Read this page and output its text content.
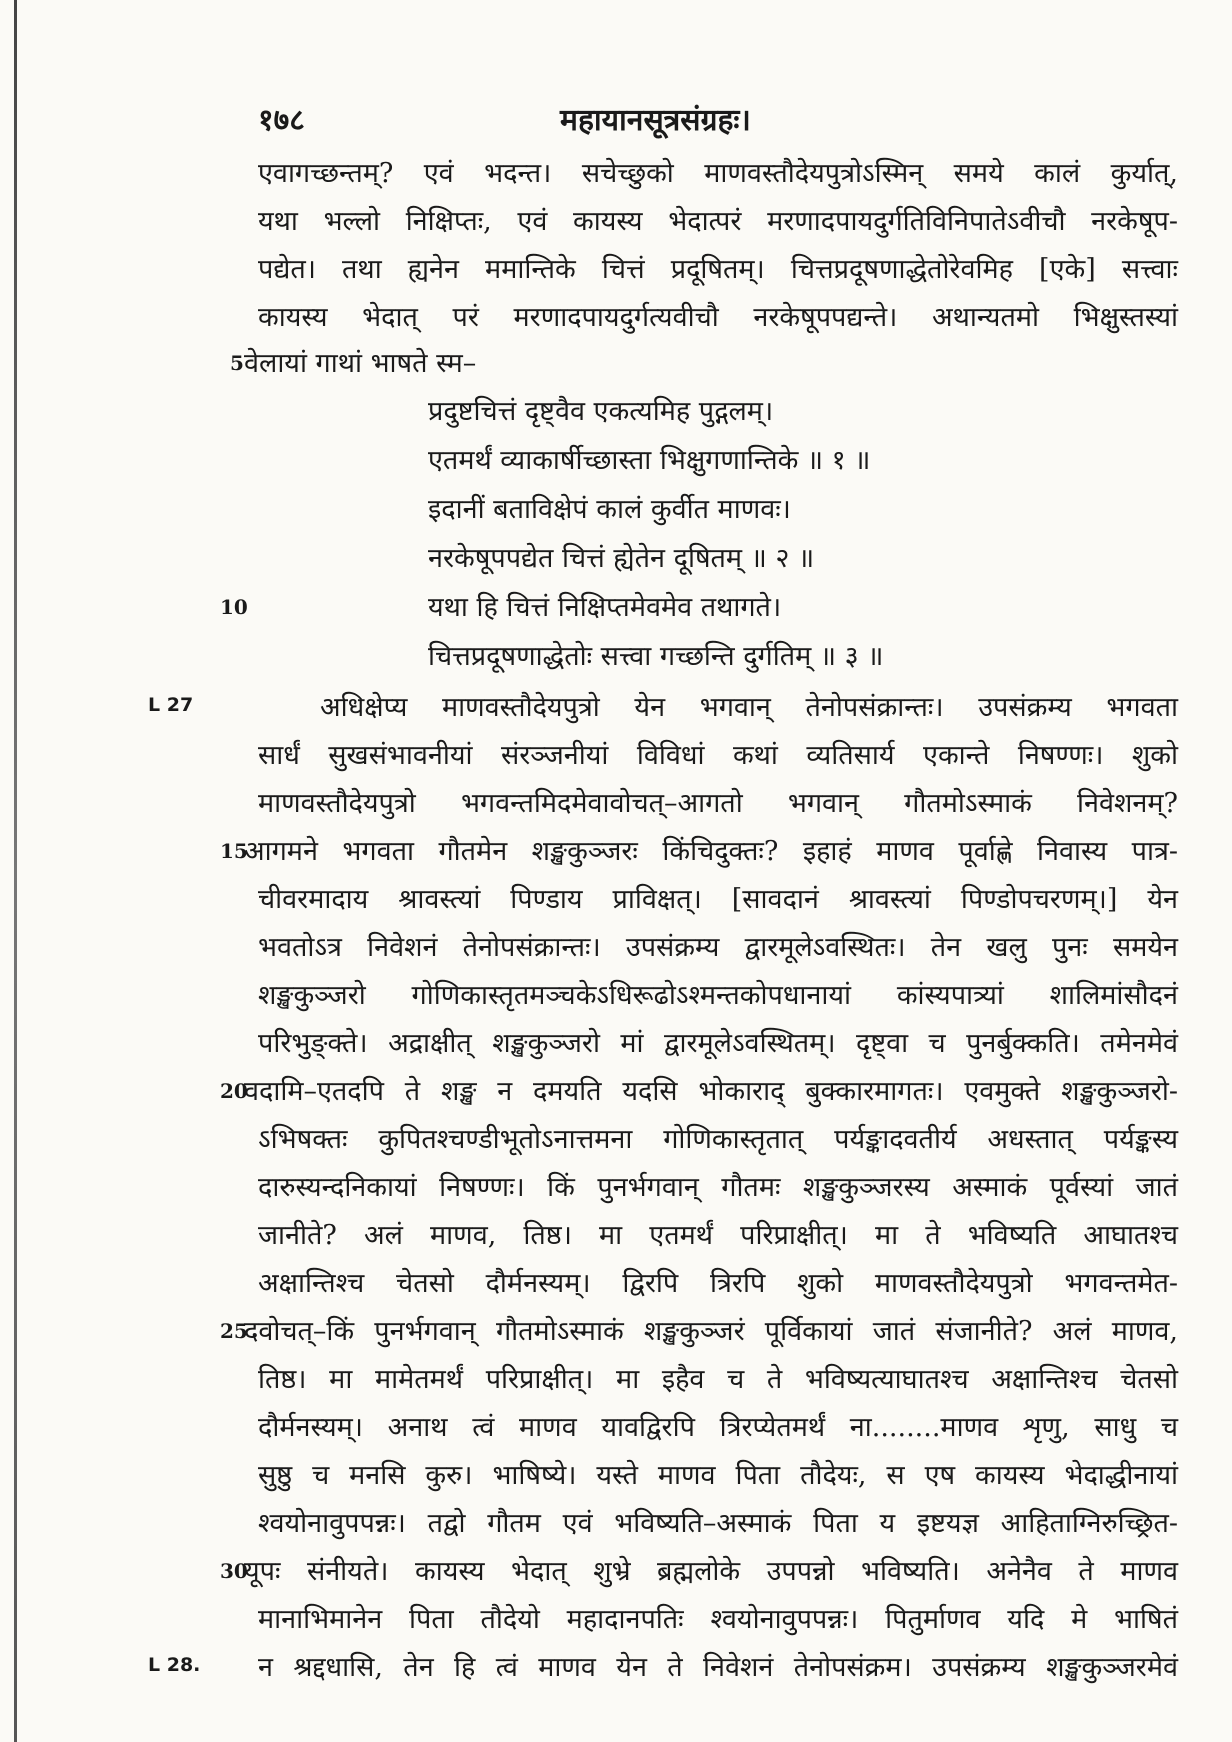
१७८	महायानसूत्रसंग्रहः।
एवागच्छन्तम्? एवं भदन्त। सचेच्छुको माणवस्तौदेयपुत्रोऽस्मिन् समये कालं कुर्यात्,
यथा भल्लो निक्षिप्तः, एवं कायस्य भेदात्परं मरणादपायदुर्गतिविनिपातेऽवीचौ नरकेषूप-
पद्येत। तथा ह्यनेन ममान्तिके चित्तं प्रदूषितम्। चित्तप्रदूषणाद्धेतोरेवमिह [एके] सत्त्वाः
कायस्य भेदात् परं मरणादपायदुर्गत्यवीचौ नरकेषूपपद्यन्ते। अथान्यतमो भिक्षुस्तस्यां
5 वेलायां गाथां भाषते स्म–
प्रदुष्टचित्तं दृष्ट्वैव एकत्यमिह पुद्गलम्।
एतमर्थं व्याकार्षीच्छास्ता भिक्षुगणान्तिके ॥ १ ॥
इदानीं बताविक्षेपं कालं कुर्वीत माणवः।
नरकेषूपपद्येत चित्तं ह्येतेन दूषितम् ॥ २ ॥
10	यथा हि चित्तं निक्षिप्तमेवमेव तथागते।
चित्तप्रदूषणाद्धेतोः सत्त्वा गच्छन्ति दुर्गतिम् ॥ ३ ॥
L 27	अधिक्षेप्य माणवस्तौदेयपुत्रो येन भगवान् तेनोपसंक्रान्तः। उपसंक्रम्य भगवता
सार्धं सुखसंभावनीयां संरञ्जनीयां विविधां कथां व्यतिसार्य एकान्ते निषण्णः। शुको
माणवस्तौदेयपुत्रो भगवन्तमिदमेवावोचत्–आगतो भगवान् गौतमोऽस्माकं निवेशनम्?
15
आगमने भगवता गौतमेन शङ्खकुञ्जरः किंचिदुक्तः? इहाहं माणव पूर्वाह्णे निवास्य पात्र-
चीवरमादाय श्रावस्त्यां पिण्डाय प्राविक्षत्। [सावदानं श्रावस्त्यां पिण्डोपचरणम्।] येन
भवतोऽत्र निवेशनं तेनोपसंक्रान्तः। उपसंक्रम्य द्वारमूलेऽवस्थितः। तेन खलु पुनः समयेन
शङ्खकुञ्जरो गोणिकास्तृतमञ्चकेऽधिरूढोऽश्मन्तकोपधानायां कांस्यपात्र्यां शालिमांसौदनं
परिभुङ्क्ते। अद्राक्षीत् शङ्खकुञ्जरो मां द्वारमूलेऽवस्थितम्। दृष्ट्वा च पुनर्बुक्कति। तमेनमेवं
20
वदामि–एतदपि ते शङ्ख न दमयति यदसि भोकाराद् बुक्कारमागतः। एवमुक्ते शङ्खकुञ्जरो-
ऽभिषक्तः कुपितश्चण्डीभूतोऽनात्तमना गोणिकास्तृतात् पर्यङ्कादवतीर्य अधस्तात् पर्यङ्कस्य
दारुस्यन्दनिकायां निषण्णः। किं पुनर्भगवान् गौतमः शङ्खकुञ्जरस्य अस्माकं पूर्वस्यां जातं
जानीते? अलं माणव, तिष्ठ। मा एतमर्थं परिप्राक्षीत्। मा ते भविष्यति आघातश्च
अक्षान्तिश्च चेतसो दौर्मनस्यम्। द्विरपि त्रिरपि शुको माणवस्तौदेयपुत्रो भगवन्तमेत-
25
दवोचत्–किं पुनर्भगवान् गौतमोऽस्माकं शङ्खकुञ्जरं पूर्विकायां जातं संजानीते? अलं माणव,
तिष्ठ। मा मामेतमर्थं परिप्राक्षीत्। मा इहैव च ते भविष्यत्याघातश्च अक्षान्तिश्च चेतसो
दौर्मनस्यम्। अनाथ त्वं माणव यावद्विरपि त्रिरप्येतमर्थं ना........माणव शृणु, साधु च
सुष्ठु च मनसि कुरु। भाषिष्ये। यस्ते माणव पिता तौदेयः, स एष कायस्य भेदाद्धीनायां
श्वयोनावुपपन्नः। तद्वो गौतम एवं भविष्यति–अस्माकं पिता य इष्टयज्ञ आहिताग्निरुच्छ्रित-
30
यूपः संनीयते। कायस्य भेदात् शुभ्रे ब्रह्मलोके उपपन्नो भविष्यति। अनेनैव ते माणव
मानाभिमानेन पिता तौदेयो महादानपतिः श्वयोनावुपपन्नः। पितुर्माणव यदि मे भाषितं
L 28. न श्रद्दधासि, तेन हि त्वं माणव येन ते निवेशनं तेनोपसंक्रम। उपसंक्रम्य शङ्खकुञ्जरमेवं
